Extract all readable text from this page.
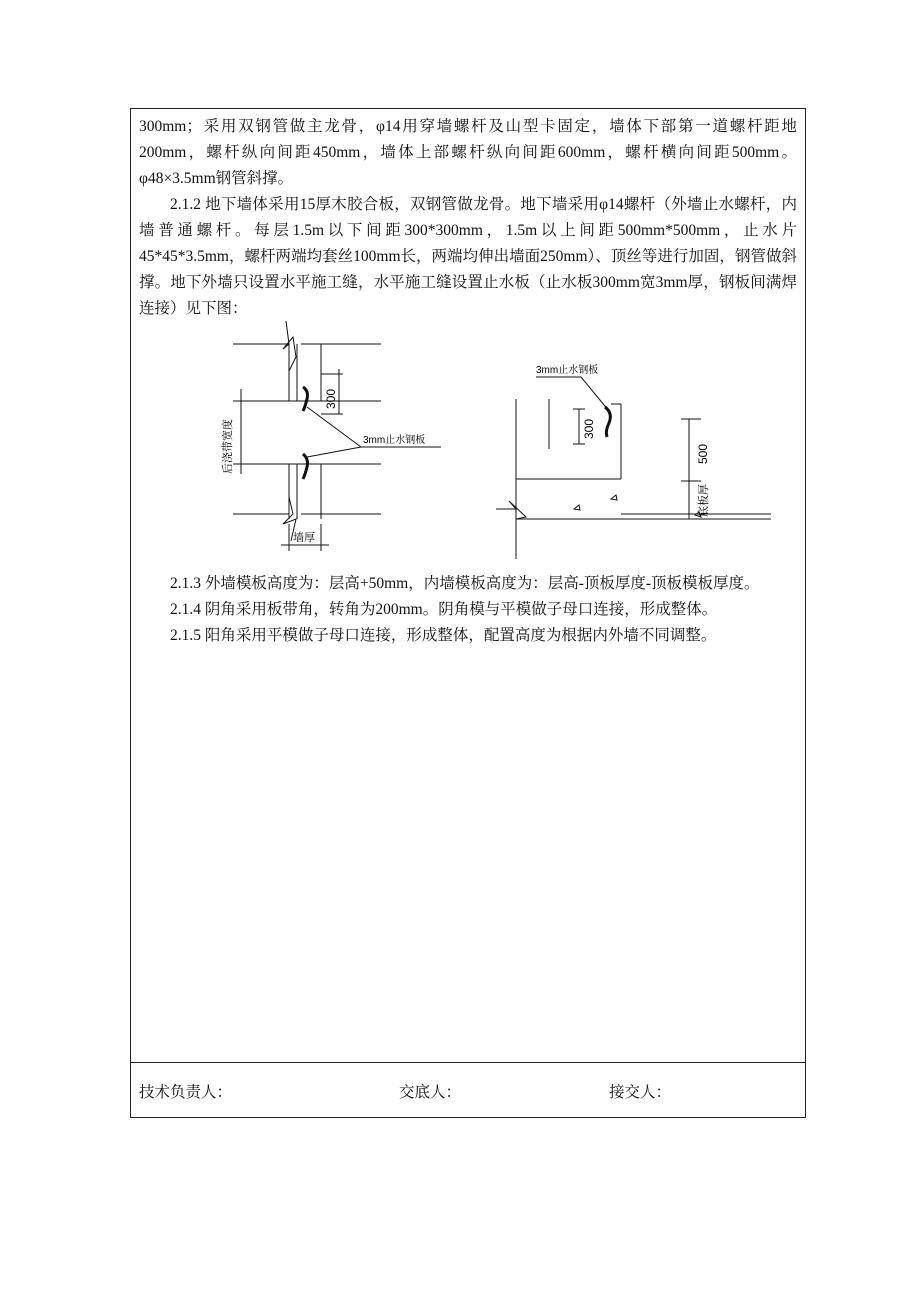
300mm；采用双钢管做主龙骨，φ14用穿墙螺杆及山型卡固定，墙体下部第一道螺杆距地200mm，螺杆纵向间距450mm，墙体上部螺杆纵向间距600mm，螺杆横向间距500mm。φ48×3.5mm钢管斜撑。

2.1.2 地下墙体采用15厚木胶合板，双钢管做龙骨。地下墙采用φ14螺杆（外墙止水螺杆，内墙普通螺杆。每层1.5m以下间距300*300mm，1.5m以上间距500mm*500mm，止水片45*45*3.5mm，螺杆两端均套丝100mm长，两端均伸出墙面250mm）、顶丝等进行加固，钢管做斜撑。地下外墙只设置水平施工缝，水平施工缝设置止水板（止水板300mm宽3mm厚，钢板间满焊连接）见下图：

后浇带宽度
300
3mm止水钢板
墙厚
3mm止水钢板
300
500
底板厚

2.1.3 外墙模板高度为：层高+50mm，内墙模板高度为：层高-顶板厚度-顶板模板厚度。

2.1.4 阴角采用板带角，转角为200mm。阴角模与平模做子母口连接，形成整体。

2.1.5 阳角采用平模做子母口连接，形成整体，配置高度为根据内外墙不同调整。

技术负责人：	交底人：	接交人：
